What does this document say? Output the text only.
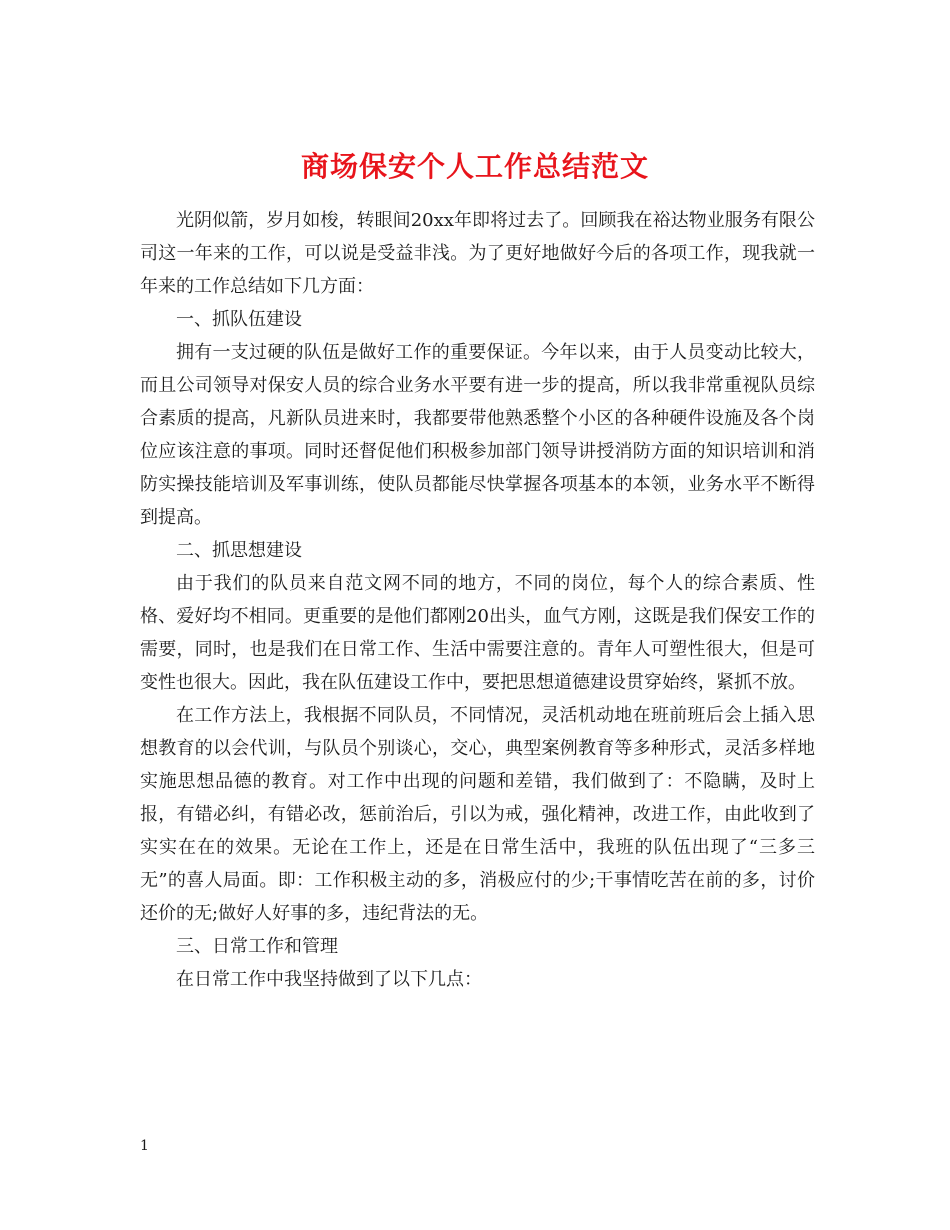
商场保安个人工作总结范文

光阴似箭，岁月如梭，转眼间20xx年即将过去了。回顾我在裕达物业服务有限公司这一年来的工作，可以说是受益非浅。为了更好地做好今后的各项工作，现我就一年来的工作总结如下几方面：

一、抓队伍建设

拥有一支过硬的队伍是做好工作的重要保证。今年以来，由于人员变动比较大，而且公司领导对保安人员的综合业务水平要有进一步的提高，所以我非常重视队员综合素质的提高，凡新队员进来时，我都要带他熟悉整个小区的各种硬件设施及各个岗位应该注意的事项。同时还督促他们积极参加部门领导讲授消防方面的知识培训和消防实操技能培训及军事训练，使队员都能尽快掌握各项基本的本领，业务水平不断得到提高。

二、抓思想建设

由于我们的队员来自范文网不同的地方，不同的岗位，每个人的综合素质、性格、爱好均不相同。更重要的是他们都刚20出头，血气方刚，这既是我们保安工作的需要，同时，也是我们在日常工作、生活中需要注意的。青年人可塑性很大，但是可变性也很大。因此，我在队伍建设工作中，要把思想道德建设贯穿始终，紧抓不放。

在工作方法上，我根据不同队员，不同情况，灵活机动地在班前班后会上插入思想教育的以会代训，与队员个别谈心，交心，典型案例教育等多种形式，灵活多样地实施思想品德的教育。对工作中出现的问题和差错，我们做到了：不隐瞒，及时上报，有错必纠，有错必改，惩前治后，引以为戒，强化精神，改进工作，由此收到了实实在在的效果。无论在工作上，还是在日常生活中，我班的队伍出现了“三多三无”的喜人局面。即：工作积极主动的多，消极应付的少;干事情吃苦在前的多，讨价还价的无;做好人好事的多，违纪背法的无。

三、日常工作和管理

在日常工作中我坚持做到了以下几点：

1
